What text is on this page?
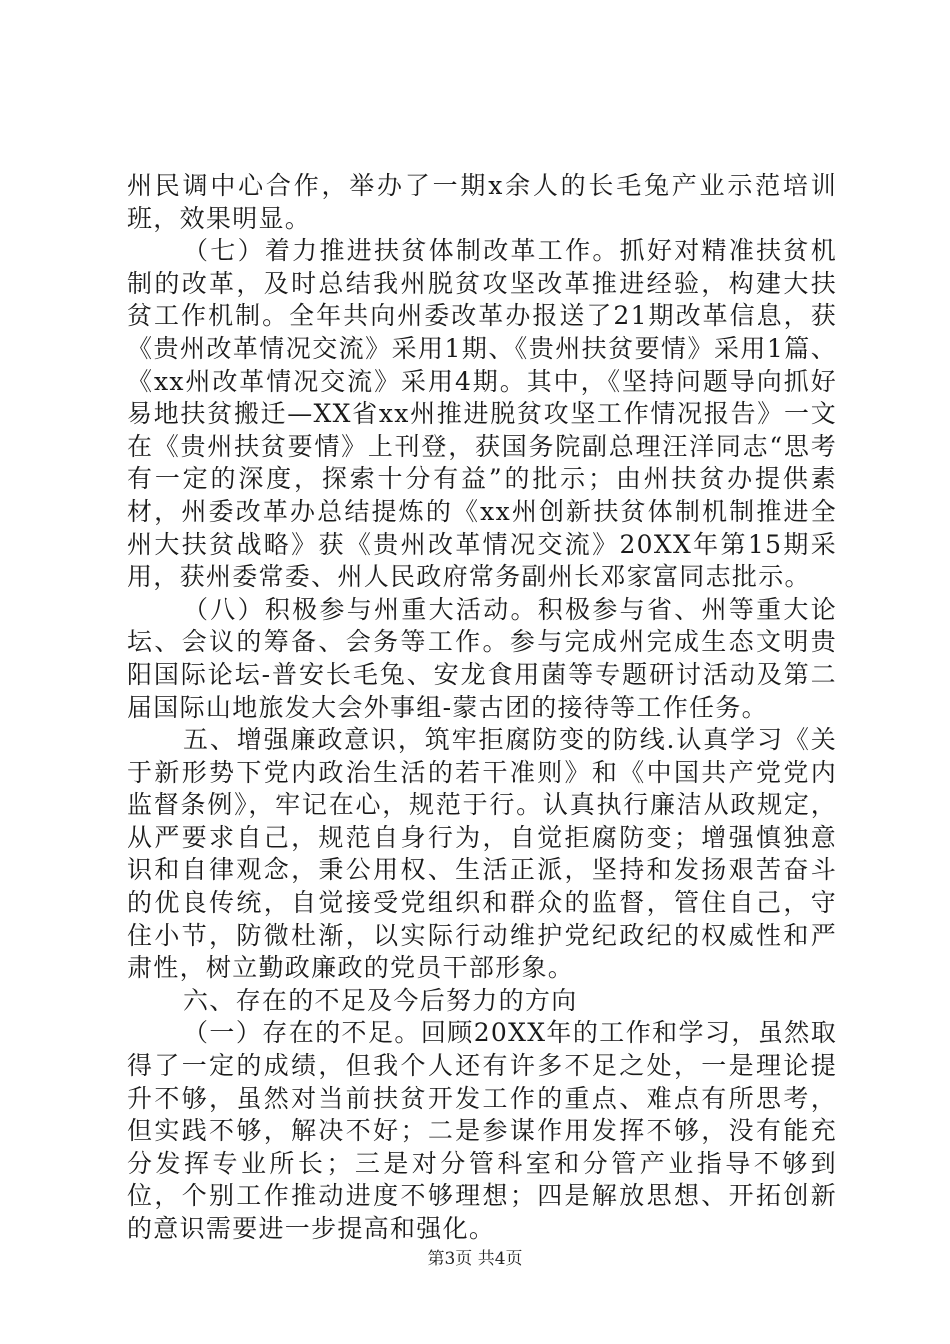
州民调中心合作，举办了一期x余人的长毛兔产业示范培训班，效果明显。

（七）着力推进扶贫体制改革工作。抓好对精准扶贫机制的改革，及时总结我州脱贫攻坚改革推进经验，构建大扶贫工作机制。全年共向州委改革办报送了21期改革信息，获《贵州改革情况交流》采用1期、《贵州扶贫要情》采用1篇、《xx州改革情况交流》采用4期。其中，《坚持问题导向抓好易地扶贫搬迁—XX省xx州推进脱贫攻坚工作情况报告》一文在《贵州扶贫要情》上刊登，获国务院副总理汪洋同志“思考有一定的深度，探索十分有益”的批示；由州扶贫办提供素材，州委改革办总结提炼的《xx州创新扶贫体制机制推进全州大扶贫战略》获《贵州改革情况交流》20XX年第15期采用，获州委常委、州人民政府常务副州长邓家富同志批示。

（八）积极参与州重大活动。积极参与省、州等重大论坛、会议的筹备、会务等工作。参与完成州完成生态文明贵阳国际论坛-普安长毛兔、安龙食用菌等专题研讨活动及第二届国际山地旅发大会外事组-蒙古团的接待等工作任务。

五、增强廉政意识，筑牢拒腐防变的防线.认真学习《关于新形势下党内政治生活的若干准则》和《中国共产党党内监督条例》，牢记在心，规范于行。认真执行廉洁从政规定，从严要求自己，规范自身行为，自觉拒腐防变；增强慎独意识和自律观念，秉公用权、生活正派，坚持和发扬艰苦奋斗的优良传统，自觉接受党组织和群众的监督，管住自己，守住小节，防微杜渐，以实际行动维护党纪政纪的权威性和严肃性，树立勤政廉政的党员干部形象。

六、存在的不足及今后努力的方向

（一）存在的不足。回顾20XX年的工作和学习，虽然取得了一定的成绩，但我个人还有许多不足之处，一是理论提升不够，虽然对当前扶贫开发工作的重点、难点有所思考，但实践不够，解决不好；二是参谋作用发挥不够，没有能充分发挥专业所长；三是对分管科室和分管产业指导不够到位，个别工作推动进度不够理想；四是解放思想、开拓创新的意识需要进一步提高和强化。

第3页 共4页
